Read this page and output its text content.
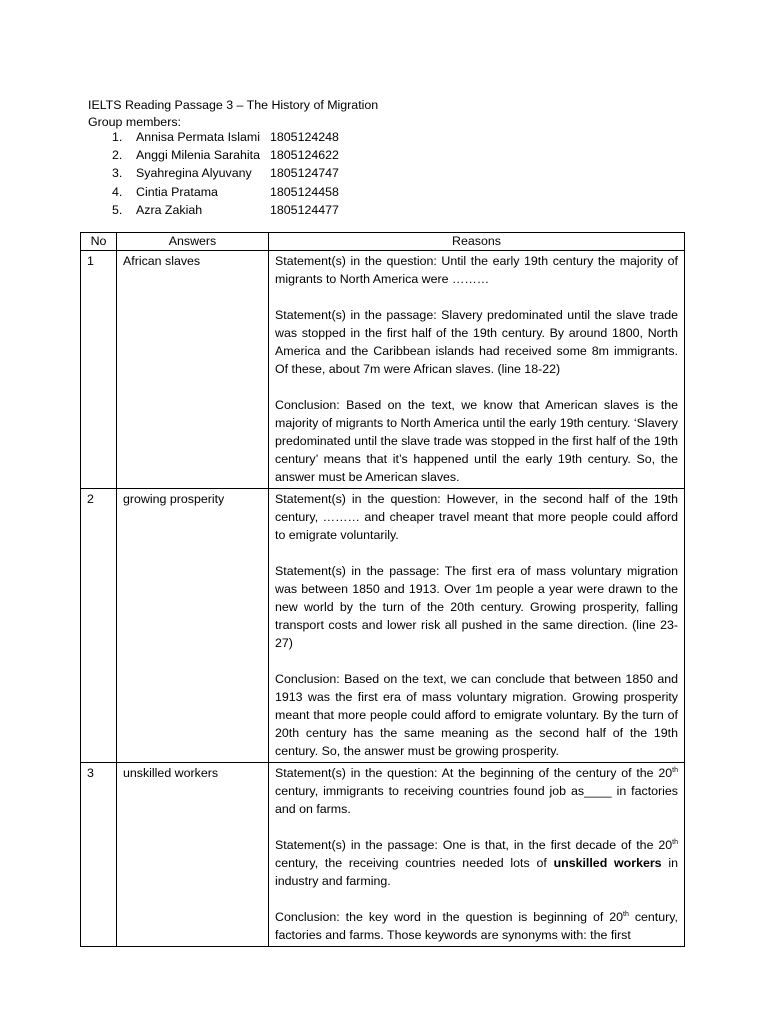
IELTS Reading Passage 3 – The History of Migration
Group members:
1. Annisa Permata Islami 1805124248
2. Anggi Milenia Sarahita 1805124622
3. Syahregina Alyuvany 1805124747
4. Cintia Pratama	1805124458
5. Azra Zakiah	1805124477
No	Answers	Reasons
1	African slaves	Statement(s) in the question: Until the early 19th century the majority of migrants to North America were ………

Statement(s) in the passage: Slavery predominated until the slave trade was stopped in the first half of the 19th century. By around 1800, North America and the Caribbean islands had received some 8m immigrants. Of these, about 7m were African slaves. (line 18-22)

Conclusion: Based on the text, we know that American slaves is the majority of migrants to North America until the early 19th century. ‘Slavery predominated until the slave trade was stopped in the first half of the 19th century’ means that it’s happened until the early 19th century. So, the answer must be American slaves.

2	growing prosperity	Statement(s) in the question: However, in the second half of the 19th century, ……… and cheaper travel meant that more people could afford to emigrate voluntarily.

Statement(s) in the passage: The first era of mass voluntary migration was between 1850 and 1913. Over 1m people a year were drawn to the new world by the turn of the 20th century. Growing prosperity, falling transport costs and lower risk all pushed in the same direction. (line 23-27)

Conclusion: Based on the text, we can conclude that between 1850 and 1913 was the first era of mass voluntary migration. Growing prosperity meant that more people could afford to emigrate voluntary. By the turn of 20th century has the same meaning as the second half of the 19th century. So, the answer must be growing prosperity.

3	unskilled workers	Statement(s) in the question: At the beginning of the century of the 20th century, immigrants to receiving countries found job as____ in factories and on farms.

Statement(s) in the passage: One is that, in the first decade of the 20th century, the receiving countries needed lots of unskilled workers in industry and farming.

Conclusion: the key word in the question is beginning of 20th century, factories and farms. Those keywords are synonyms with: the first
